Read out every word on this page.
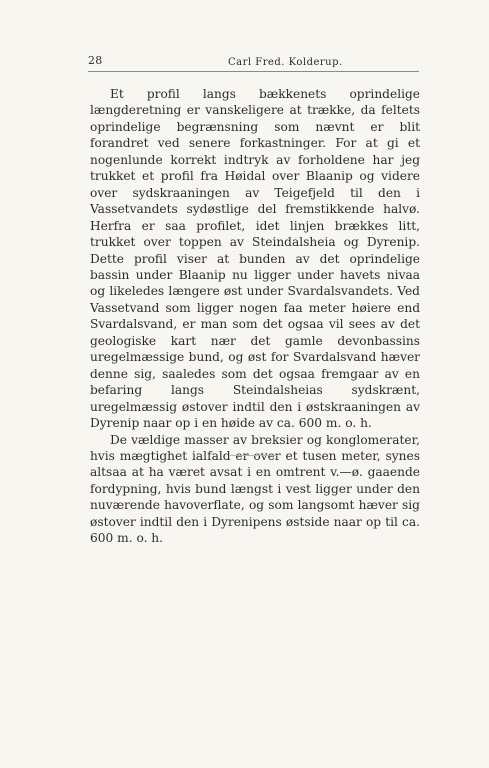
28	Carl Fred. Kolderup.

Et profil langs bækkenets oprindelige længderetning er vanskeligere at trække, da feltets oprindelige begrænsning som nævnt er blit forandret ved senere forkastninger. For at gi et nogenlunde korrekt indtryk av forholdene har jeg trukket et profil fra Høidal over Blaanip og videre over sydskraaningen av Teigefjeld til den i Vassetvandets sydøstlige del fremstikkende halvø. Herfra er saa profilet, idet linjen brækkes litt, trukket over toppen av Steindalsheia og Dyrenip. Dette profil viser at bunden av det oprindelige bassin under Blaanip nu ligger under havets nivaa og likeledes længere øst under Svardalsvandets. Ved Vassetvand som ligger nogen faa meter høiere end Svardalsvand, er man som det ogsaa vil sees av det geologiske kart nær det gamle devonbassins uregelmæssige bund, og øst for Svardalsvand hæver denne sig, saaledes som det ogsaa fremgaar av en befaring langs Steindalsheias sydskrænt, uregelmæssig østover indtil den i østskraaningen av Dyrenip naar op i en høide av ca. 600 m. o. h.

De vældige masser av breksier og konglomerater, hvis mægtighet ialfald er over et tusen meter, synes altsaa at ha været avsat i en omtrent v.—ø. gaaende fordypning, hvis bund længst i vest ligger under den nuværende havoverflate, og som langsomt hæver sig østover indtil den i Dyrenipens østside naar op til ca. 600 m. o. h.
